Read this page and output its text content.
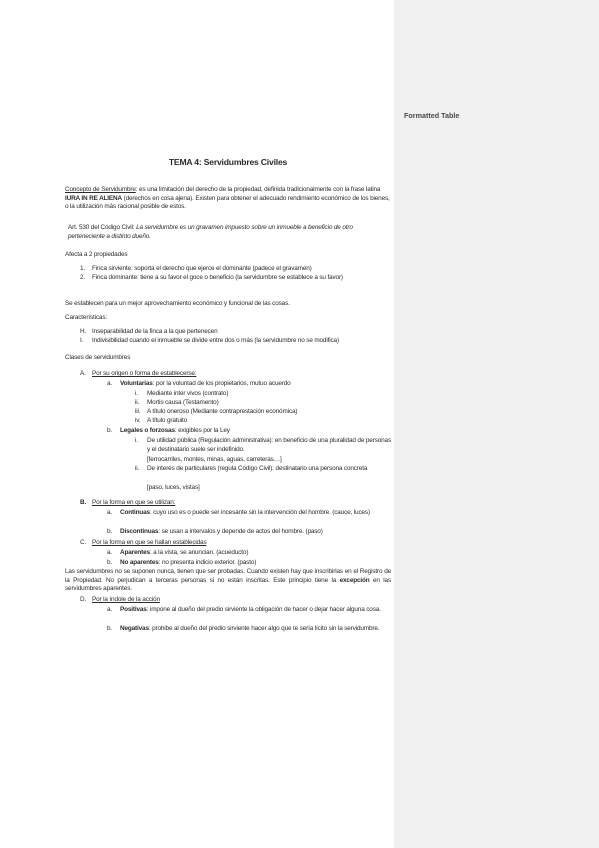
Formatted Table
TEMA 4: Servidumbres Civiles
Concepto de Servidumbre: es una limitación del derecho de la propiedad, definida tradicionalmente con la frase latina IURA IN RE ALIENA (derechos en cosa ajena). Existen para obtener el adecuado rendimiento económico de los bienes, o la utilización más racional posible de estos.
Art. 530 del Código Civil: La servidumbre es un gravamen impuesto sobre un inmueble a beneficio de otro perteneciente a distinto dueño.
Afecta a 2 propiedades
1. Finca sirviente: soporta el derecho que ejerce el dominante (padece el gravamen)
2.	Finca dominante: tiene a su favor el goce o beneficio (la servidumbre se establece a su favor)
Se establecen para un mejor aprovechamiento económico y funcional de las cosas.
Características:
H. Inseparabilidad de la finca a la que pertenecen
I. Indivisibilidad cuando el inmueble se divide entre dos o más (la servidumbre no se modifica)
Clases de servidumbres
A. Por su origen o forma de establecerse:
a. Voluntarias: por la voluntad de los propietarios, mutuo acuerdo
i. Mediante inter vivos (contrato)
ii. Mortis causa (Testamento)
iii. A título oneroso (Mediante contraprestación económica)
iv. A título gratuito
b. Legales o forzosas: exigibles por la Ley
i. De utilidad pública (Regulación administrativa): en beneficio de una pluralidad de personas y el destinatario suele ser indefinido.
[ferrocarriles, montes, minas, aguas, carreteras…]
ii. De interés de particulares (regula Código Civil): destinatario una persona concreta
[paso, luces, vistas]
B. Por la forma en que se utilizan:
a. Continuas: cuyo uso es o puede ser incesante sin la intervención del hombre. (cauce, luces)
b. Discontinuas: se usan a intervalos y depende de actos del hombre. (paso)
C. Por la forma en que se hallan establecidas
a. Aparentes: a la vista, se anuncian. (acueducto)
b. No aparentes: no presenta indicio exterior. (pasto)
Las servidumbres no se suponen nunca, tienen que ser probadas. Cuando existen hay que inscribirlas en el Registro de la Propiedad. No perjudican a terceras personas si no están inscritas. Este principio tiene la excepción en las servidumbres aparentes.
D. Por la índole de la acción
a. Positivas: impone al dueño del predio sirviente la obligación de hacer o dejar hacer alguna cosa.
b. Negativas: prohibe al dueño del predio sirviente hacer algo que te sería lícito sin la servidumbre.
